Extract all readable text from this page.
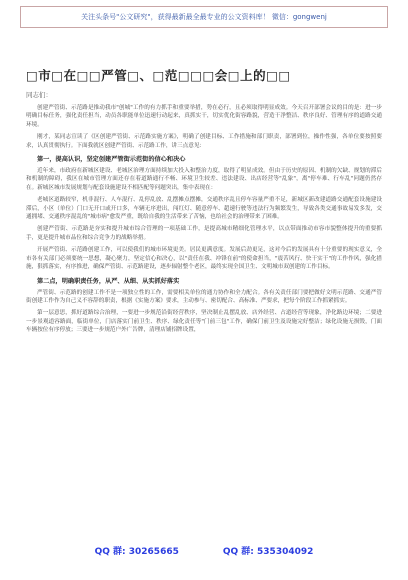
关注头条号"公文研究"，获得最新最全最专业的公文资料库！ 微信：gongwenj
□市□在□□严管□、□范□□□会□上的□□
同志们：

创建严管街、示范路是推动我市"创城"工作的有力抓手和重要举措，势在必行，且必须取得明显成效。今天召开部署会议的目的是：进一步明确目标任务，强化责任担当，动员各职能单位迅速行动起来，真抓实干，切实优化街容路貌，营造干净整洁、秩序良好、管理有序的道路交通环境。

刚才，某同志宣读了《区创建严管街、示范路实施方案》，明确了创建目标、工作措施和部门职责，部署到位，操作性强，各单位要按照要求，认真贯彻执行。下面我就区创建严管街、示范路工作，讲三点意见：

第一，提高认识，坚定创建严管街示范街的信心和决心

近年来，市政府在新城区建设、老城区治理方面持续加大投入和整治力度，取得了明显成效。但由于历史的原因、机制的欠缺、规划的滞后和机制的障碍，我区在城市管理方面还存在着道路通行不畅、环境卫生较差、违法建设、出店经营等"乱象"，离"停车难、行车乱"问题仍然存在。新城区城市发展规划与配套设施建设不相匹配等问题突出，集中表现在：

老城区道路较窄，机非混行、人车混行、乱停乱放、乱摆摊点摆摊，交通秩序乱且停车容量严重不足，新城区新改建道路交通配套设施建设滞后，小区（单位）门口无开口或开口多，车辆无序进出，闯红灯、随意停车、超速行驶等违法行为频繁发生，导致各类交通事故易发多发，交通拥堵、交通秩序混乱的"城市病"愈发严重，既给自我的生活带来了苦恼，也给社会的治理带来了困难。

创建严管街、示范路是夯实和提升城市综合管理的一项基础工作，是提高城市精细化管理水平，以点带面推动市容市貌整体提升的重要抓手，更是提升城市品位和综合竞争力的战略举措。

开展严管街、示范路创建工作，可以使我们的城市环境更美。居民更满意度。发展后劲更足，这对今后的发展具有十分重要的现实意义，全市各有关部门必须要统一思想，凝心聚力，坚定信心和决心，以"责任在我、冲锋在前"的使命担当，"震苦风行、快干实干"的工作作风，强化措施，狠抓落实，有序推进，确保严管街、示范路建设，逐步辐射整个老区，最终实现全国卫生、文明城市双创建的工作目标。

第二点，明确职责任务，从严、从细、从实抓好落实

严管街、示范路的创建工作不是一项独立性的工作，需要相关单位的通力协作和全力配合。各有关责任部门要把做好文明示范路、交通严管街创建工作作为自己义不容辞的职责，根据《实施方案》要求，主动参与、密切配合、高标准、严要求，把每个阶段工作抓紧抓实。

第一层意思，抓好道路综合治理，一要进一步规范沿街经营秩序，坚决制止乱摆乱放、店外经营、占道经营等现象，净化路边环境；二要进一步景观道容路面，临街单位，门店落实门前卫生、秩序、绿化责任等"门前三包"工作，确保门前卫生及设施完好整洁；绿化设施无损毁，门面车辆按位有序停放；三要进一步规范户外广告牌，清理店铺招牌设置，

QQ 群: 30265665	QQ 群: 535304092
